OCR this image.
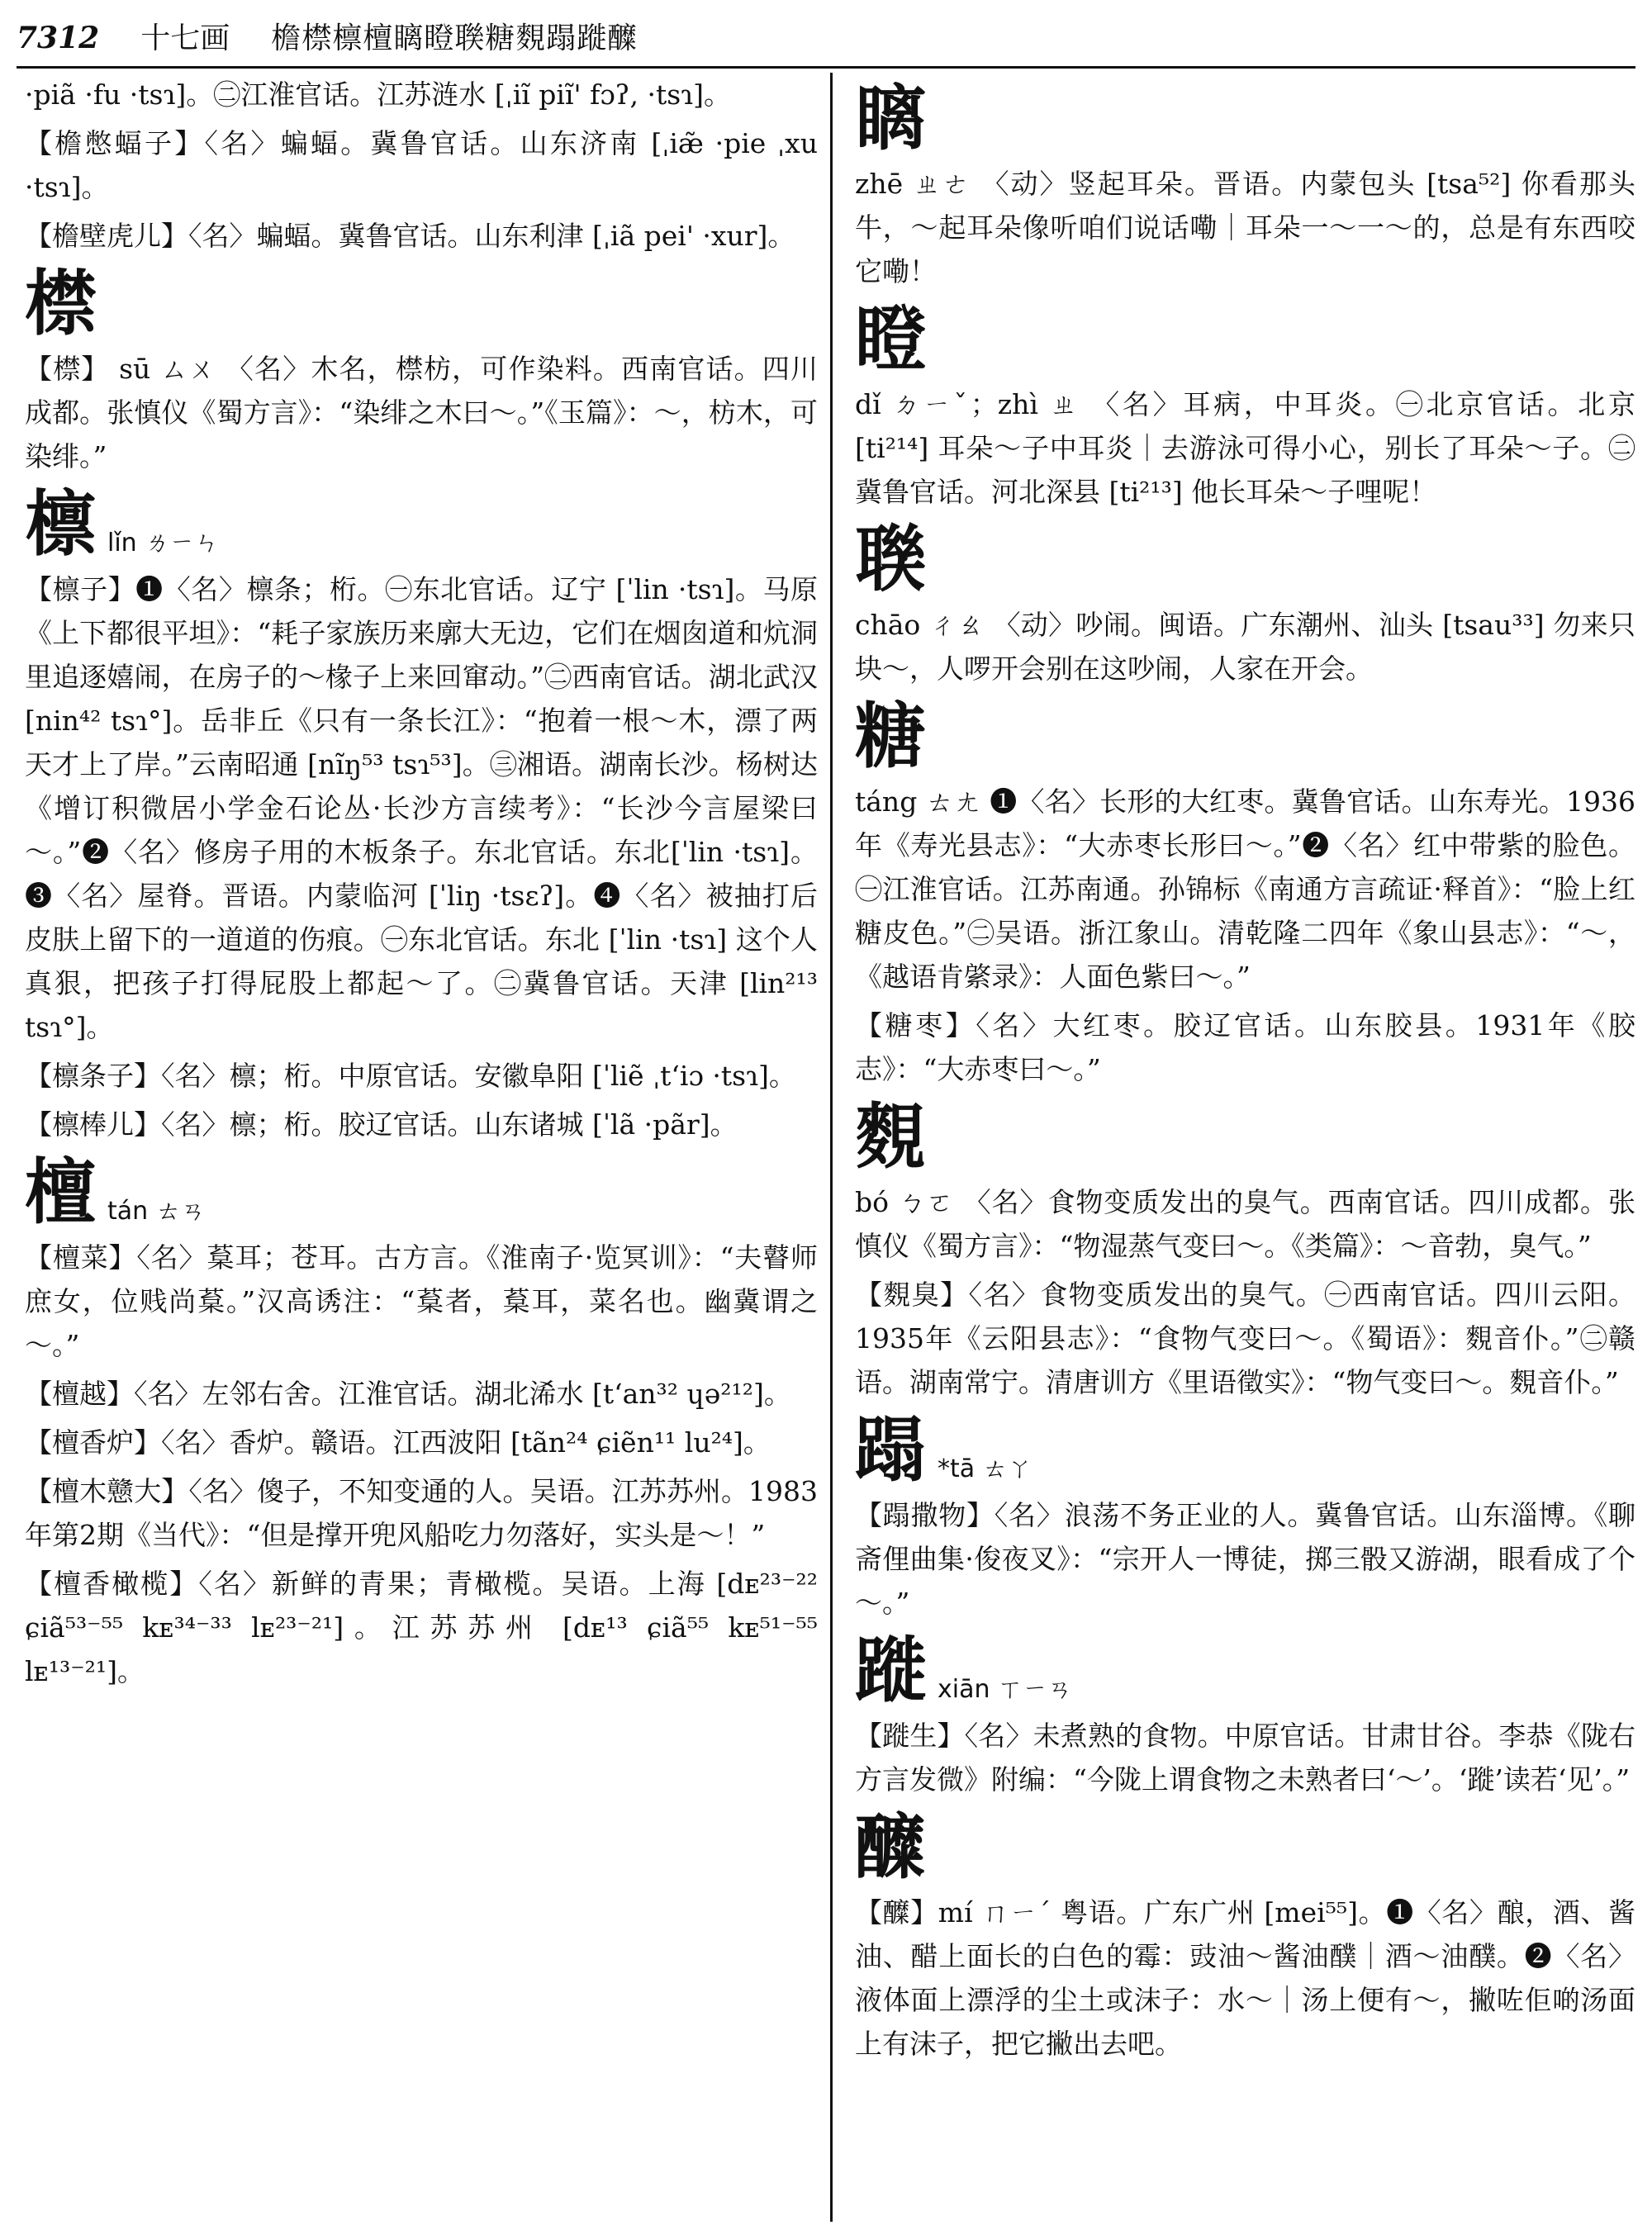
7312 十七画 檐㯲檩檀瞝瞪聫糖麲蹋蹝醾

·piã ·fu ·tsɿ]。㊁江淮官话。江苏涟水 [ˌiĩ piĩ' fɔʔ, ·tsɿ]。

【檐憋蝠子】〈名〉蝙蝠。冀鲁官话。山东济南 [ˌiæ̃ ·pie ˌxu ·tsɿ]。

【檐壁虎儿】〈名〉蝙蝠。冀鲁官话。山东利津 [ˌiã pei' ·xur]。

㯲

【㯲】 sū ㄙㄨ 〈名〉木名，㯲枋，可作染料。西南官话。四川成都。张慎仪《蜀方言》：“染绯之木曰～。”《玉篇》：～，枋木，可染绯。”

檩 lǐn ㄌㄧㄣ

【檩子】❶〈名〉檩条；桁。㊀东北官话。辽宁 [ˈlin ·tsɿ]。马原《上下都很平坦》：“耗子家族历来廓大无边，它们在烟囱道和炕洞里追逐嬉闹，在房子的～椽子上来回窜动。”㊁西南官话。湖北武汉 [nin⁴² tsɿ°]。岳非丘《只有一条长江》：“抱着一根～木，漂了两天才上了岸。”云南昭通 [nĩŋ⁵³ tsɿ⁵³]。㊂湘语。湖南长沙。杨树达《增订积微居小学金石论丛·长沙方言续考》：“长沙今言屋梁曰～。”❷〈名〉修房子用的木板条子。东北官话。东北[ˈlin ·tsɿ]。❸〈名〉屋脊。晋语。内蒙临河 [ˈliŋ ·tsɛʔ]。❹〈名〉被抽打后皮肤上留下的一道道的伤痕。㊀东北官话。东北 [ˈlin ·tsɿ] 这个人真狠，把孩子打得屁股上都起～了。㊁冀鲁官话。天津 [lin²¹³ tsɿ°]。

【檩条子】〈名〉檩；桁。中原官话。安徽阜阳 [ˈliẽ ˌtʻiɔ ·tsɿ]。

【檩棒儿】〈名〉檩；桁。胶辽官话。山东诸城 [ˈlã ·pãr]。

檀 tán ㄊㄢ

【檀菜】〈名〉葈耳；苍耳。古方言。《淮南子·览冥训》：“夫瞽师庶女，位贱尚葈。”汉高诱注：“葈者，葈耳，菜名也。幽冀谓之～。”

【檀越】〈名〉左邻右舍。江淮官话。湖北浠水 [tʻan³² ɥə²¹²]。

【檀香炉】〈名〉香炉。赣语。江西波阳 [tãn²⁴ ɕiẽn¹¹ lu²⁴]。

【檀木戆大】〈名〉傻子，不知变通的人。吴语。江苏苏州。1983年第2期《当代》：“但是撑开兜风船吃力勿落好，实头是～！”

【檀香橄榄】〈名〉新鲜的青果；青橄榄。吴语。上海 [dᴇ²³⁻²² ɕiã⁵³⁻⁵⁵ kᴇ³⁴⁻³³ lᴇ²³⁻²¹]。江苏苏州 [dᴇ¹³ ɕiã⁵⁵ kᴇ⁵¹⁻⁵⁵ lᴇ¹³⁻²¹]。

瞝

zhē ㄓㄜ 〈动〉竖起耳朵。晋语。内蒙包头 [tsa⁵²] 你看那头牛，～起耳朵像听咱们说话嘞｜耳朵一～一～的，总是有东西咬它嘞！

瞪

dǐ ㄉㄧˇ；zhì ㄓ 〈名〉耳病，中耳炎。㊀北京官话。北京 [ti²¹⁴] 耳朵～子中耳炎｜去游泳可得小心，别长了耳朵～子。㊁冀鲁官话。河北深县 [ti²¹³] 他长耳朵～子哩呢！

聫

chāo ㄔㄠ 〈动〉吵闹。闽语。广东潮州、汕头 [tsau³³] 勿来只块～，人啰开会别在这吵闹，人家在开会。

糖

táng ㄊㄤ ❶〈名〉长形的大红枣。冀鲁官话。山东寿光。1936年《寿光县志》：“大赤枣长形曰～。”❷〈名〉红中带紫的脸色。㊀江淮官话。江苏南通。孙锦标《南通方言疏证·释首》：“脸上红糖皮色。”㊁吴语。浙江象山。清乾隆二四年《象山县志》：“～，《越语肯綮录》：人面色紫曰～。”

【糖枣】〈名〉大红枣。胶辽官话。山东胶县。1931年《胶志》：“大赤枣曰～。”

麲

bó ㄅㄛ 〈名〉食物变质发出的臭气。西南官话。四川成都。张慎仪《蜀方言》：“物湿蒸气变曰～。《类篇》：～音勃，臭气。”

【麲臭】〈名〉食物变质发出的臭气。㊀西南官话。四川云阳。1935年《云阳县志》：“食物气变曰～。《蜀语》：麲音仆。”㊁赣语。湖南常宁。清唐训方《里语徵实》：“物气变曰～。麲音仆。”

蹋 *tā ㄊㄚ

【蹋撒物】〈名〉浪荡不务正业的人。冀鲁官话。山东淄博。《聊斋俚曲集·俊夜叉》：“宗开人一博徒，掷三骰又游湖，眼看成了个～。”

蹝 xiān ㄒㄧㄢ

【蹝生】〈名〉未煮熟的食物。中原官话。甘肃甘谷。李恭《陇右方言发微》附编：“今陇上谓食物之未熟者曰‘～’。‘蹝’读若‘见’。”

醾

【醾】mí ㄇㄧˊ 粤语。广东广州 [mei⁵⁵]。❶〈名〉酿，酒、酱油、醋上面长的白色的霉：豉油～酱油醭｜酒～油醭。❷〈名〉液体面上漂浮的尘土或沫子：水～｜汤上便有～，撇咗佢啲汤面上有沫子，把它撇出去吧。
